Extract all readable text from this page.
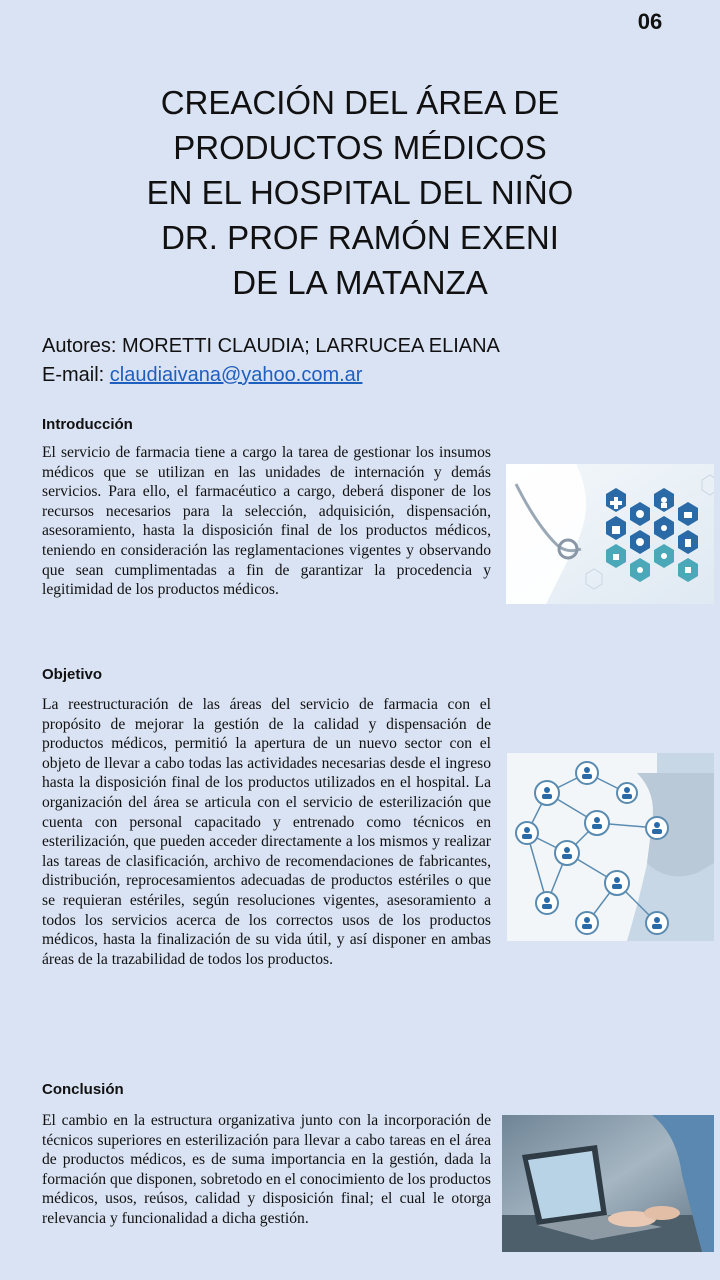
06
CREACIÓN DEL ÁREA DE
PRODUCTOS MÉDICOS
EN EL HOSPITAL DEL NIÑO
DR. PROF RAMÓN EXENI
DE LA MATANZA
Autores: MORETTI CLAUDIA; LARRUCEA ELIANA
E-mail: claudiaivana@yahoo.com.ar
Introducción

El servicio de farmacia tiene a cargo la tarea de gestionar los insumos médicos que se utilizan en las unidades de internación y demás servicios. Para ello, el farmacéutico a cargo, deberá disponer de los recursos necesarios para la selección, adquisición, dispensación, asesoramiento, hasta la disposición final de los productos médicos, teniendo en consideración las reglamentaciones vigentes y observando que sean cumplimentadas a fin de garantizar la procedencia y legitimidad de los productos médicos.

Objetivo

La reestructuración de las áreas del servicio de farmacia con el propósito de mejorar la gestión de la calidad y dispensación de productos médicos, permitió la apertura de un nuevo sector con el objeto de llevar a cabo todas las actividades necesarias desde el ingreso hasta la disposición final de los productos utilizados en el hospital. La organización del área se articula con el servicio de esterilización que cuenta con personal capacitado y entrenado como técnicos en esterilización, que pueden acceder directamente a los mismos y realizar las tareas de clasificación, archivo de recomendaciones de fabricantes, distribución, reprocesamientos adecuadas de productos estériles o que se requieran estériles, según resoluciones vigentes, asesoramiento a todos los servicios acerca de los correctos usos de los productos médicos, hasta la finalización de su vida útil, y así disponer en ambas áreas de la trazabilidad de todos los productos.

Conclusión

El cambio en la estructura organizativa junto con la incorporación de técnicos superiores en esterilización para llevar a cabo tareas en el área de productos médicos, es de suma importancia en la gestión, dada la formación que disponen, sobretodo en el conocimiento de los productos médicos, usos, reúsos, calidad y disposición final; el cual le otorga relevancia y funcionalidad a dicha gestión.
